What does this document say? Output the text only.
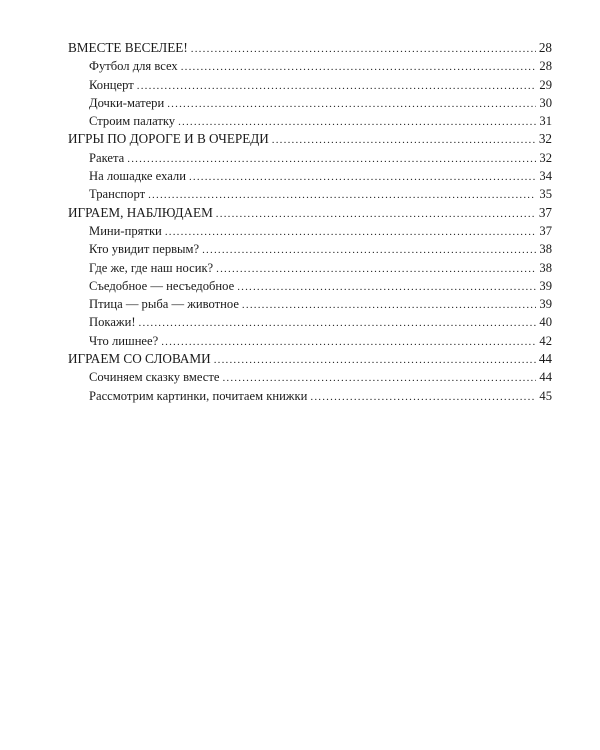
ВМЕСТЕ ВЕСЕЛЕЕ! .....	28
Футбол для всех .....	28
Концерт .....	29
Дочки-матери .....	30
Строим палатку .....	31
ИГРЫ ПО ДОРОГЕ И В ОЧЕРЕДИ .....	32
Ракета .....	32
На лошадке ехали .....	34
Транспорт .....	35
ИГРАЕМ, НАБЛЮДАЕМ .....	37
Мини-прятки .....	37
Кто увидит первым? .....	38
Где же, где наш носик? .....	38
Съедобное — несъедобное .....	39
Птица — рыба — животное .....	39
Покажи! .....	40
Что лишнее? .....	42
ИГРАЕМ СО СЛОВАМИ .....	44
Сочиняем сказку вместе .....	44
Рассмотрим картинки, почитаем книжки .....	45
